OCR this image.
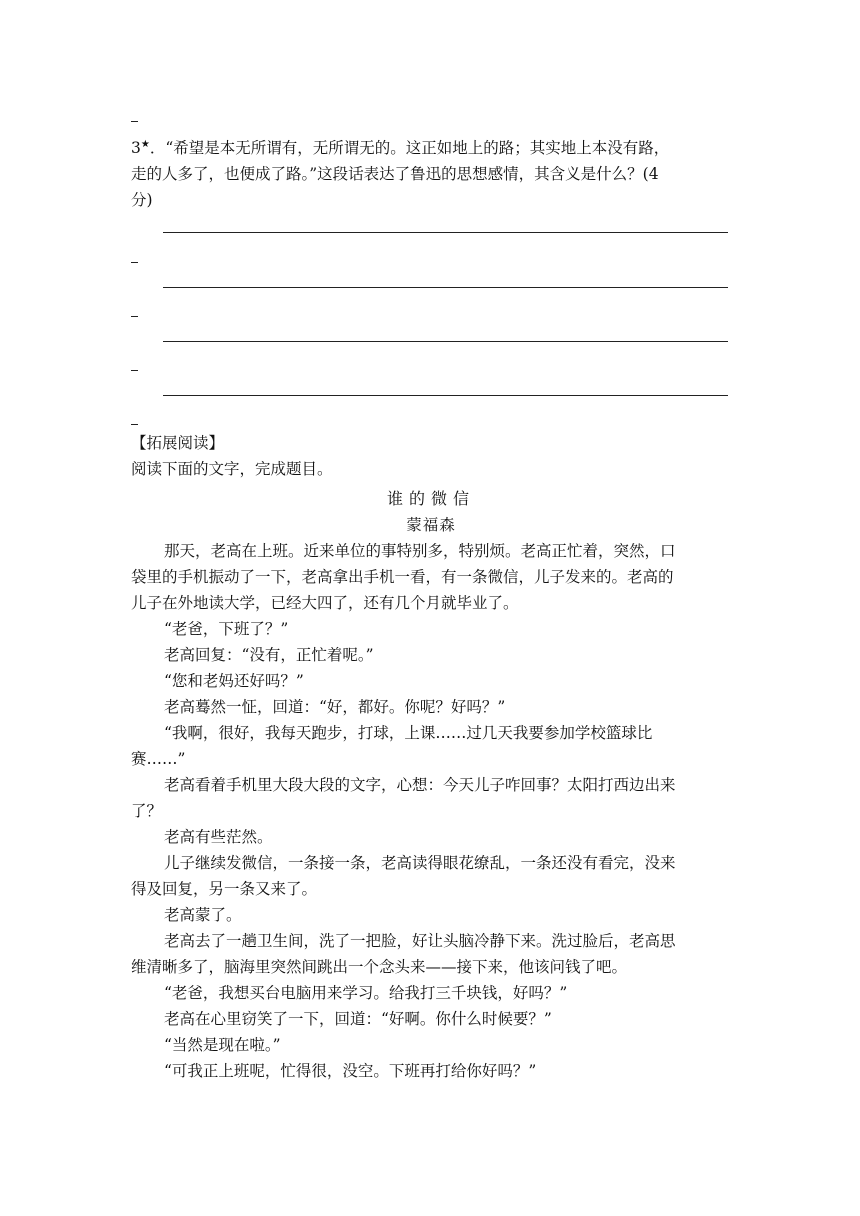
3★．“希望是本无所谓有，无所谓无的。这正如地上的路；其实地上本没有路，
走的人多了，也便成了路。”这段话表达了鲁迅的思想感情，其含义是什么？(4
分)
【拓展阅读】
阅读下面的文字，完成题目。
谁的微信
蒙福森
那天，老高在上班。近来单位的事特别多，特别烦。老高正忙着，突然，口
袋里的手机振动了一下，老高拿出手机一看，有一条微信，儿子发来的。老高的
儿子在外地读大学，已经大四了，还有几个月就毕业了。
“老爸，下班了？”
老高回复：“没有，正忙着呢。”
“您和老妈还好吗？”
老高蓦然一怔，回道：“好，都好。你呢？好吗？”
“我啊，很好，我每天跑步，打球，上课……过几天我要参加学校篮球比
赛……”
老高看着手机里大段大段的文字，心想：今天儿子咋回事？太阳打西边出来
了？
老高有些茫然。
儿子继续发微信，一条接一条，老高读得眼花缭乱，一条还没有看完，没来
得及回复，另一条又来了。
老高蒙了。
老高去了一趟卫生间，洗了一把脸，好让头脑冷静下来。洗过脸后，老高思
维清晰多了，脑海里突然间跳出一个念头来——接下来，他该问钱了吧。
“老爸，我想买台电脑用来学习。给我打三千块钱，好吗？”
老高在心里窃笑了一下，回道：“好啊。你什么时候要？”
“当然是现在啦。”
“可我正上班呢，忙得很，没空。下班再打给你好吗？”
